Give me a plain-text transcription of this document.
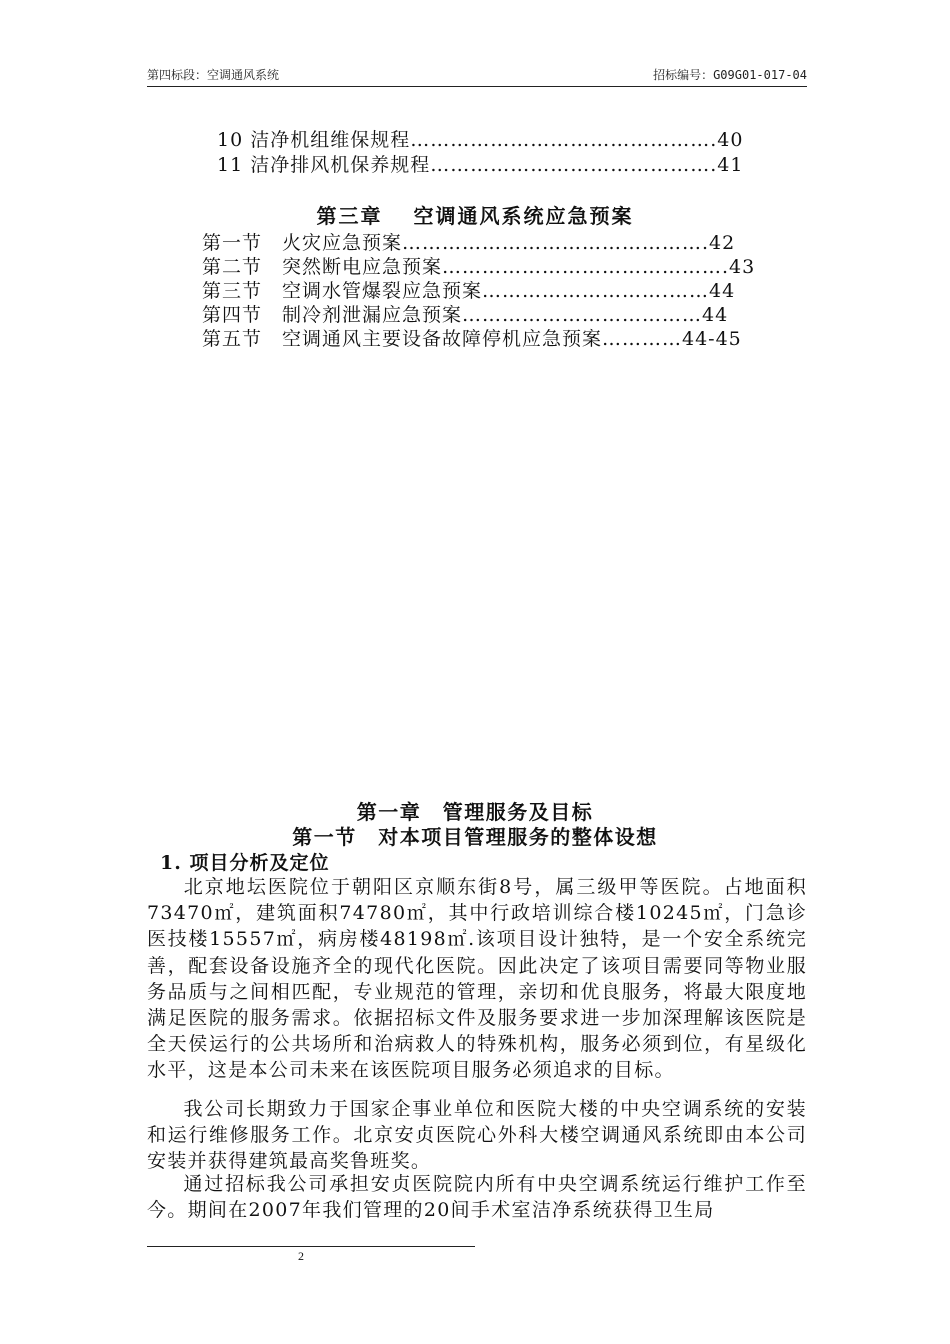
第四标段：空调通风系统	招标编号：G09G01-017-04
10 洁净机组维保规程……………………………………….40
11 洁净排风机保养规程…………………………………….41
第三章　 空调通风系统应急预案
第一节　火灾应急预案……………………………………….42
第二节　突然断电应急预案…………………………………….43
第三节　空调水管爆裂应急预案……………………….……44
第四节　制冷剂泄漏应急预案………………………………44
第五节　空调通风主要设备故障停机应急预案…………44-45
第一章　管理服务及目标
第一节　对本项目管理服务的整体设想
1. 项目分析及定位
北京地坛医院位于朝阳区京顺东街8号，属三级甲等医院。占地面积73470㎡，建筑面积74780㎡，其中行政培训综合楼10245㎡，门急诊医技楼15557㎡，病房楼48198㎡.该项目设计独特，是一个安全系统完善，配套设备设施齐全的现代化医院。因此决定了该项目需要同等物业服务品质与之间相匹配，专业规范的管理，亲切和优良服务，将最大限度地满足医院的服务需求。依据招标文件及服务要求进一步加深理解该医院是全天侯运行的公共场所和治病救人的特殊机构，服务必须到位，有星级化水平，这是本公司未来在该医院项目服务必须追求的目标。
我公司长期致力于国家企事业单位和医院大楼的中央空调系统的安装和运行维修服务工作。北京安贞医院心外科大楼空调通风系统即由本公司安装并获得建筑最高奖鲁班奖。
通过招标我公司承担安贞医院院内所有中央空调系统运行维护工作至今。期间在2007年我们管理的20间手术室洁净系统获得卫生局
2
